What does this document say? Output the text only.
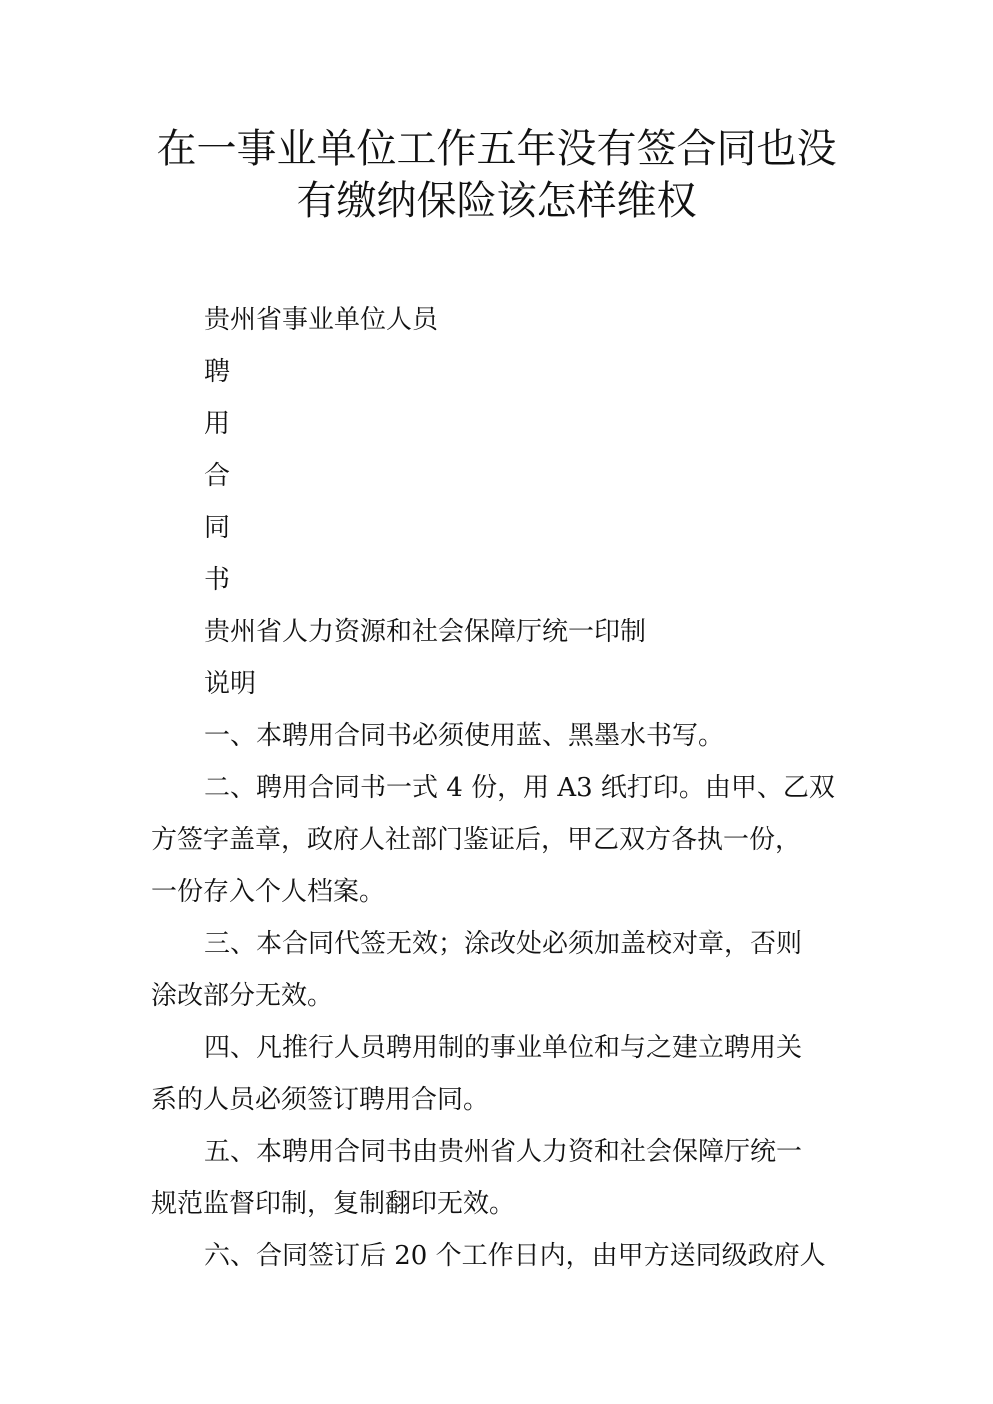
在一事业单位工作五年没有签合同也没
有缴纳保险该怎样维权

贵州省事业单位人员

聘

用

合

同

书

贵州省人力资源和社会保障厅统一印制

说明

一、本聘用合同书必须使用蓝、黑墨水书写。

二、聘用合同书一式 4 份，用 A3 纸打印。由甲、乙双

方签字盖章，政府人社部门鉴证后，甲乙双方各执一份，

一份存入个人档案。

三、本合同代签无效；涂改处必须加盖校对章，否则

涂改部分无效。

四、凡推行人员聘用制的事业单位和与之建立聘用关

系的人员必须签订聘用合同。

五、本聘用合同书由贵州省人力资和社会保障厅统一

规范监督印制，复制翻印无效。

六、合同签订后 20 个工作日内，由甲方送同级政府人
